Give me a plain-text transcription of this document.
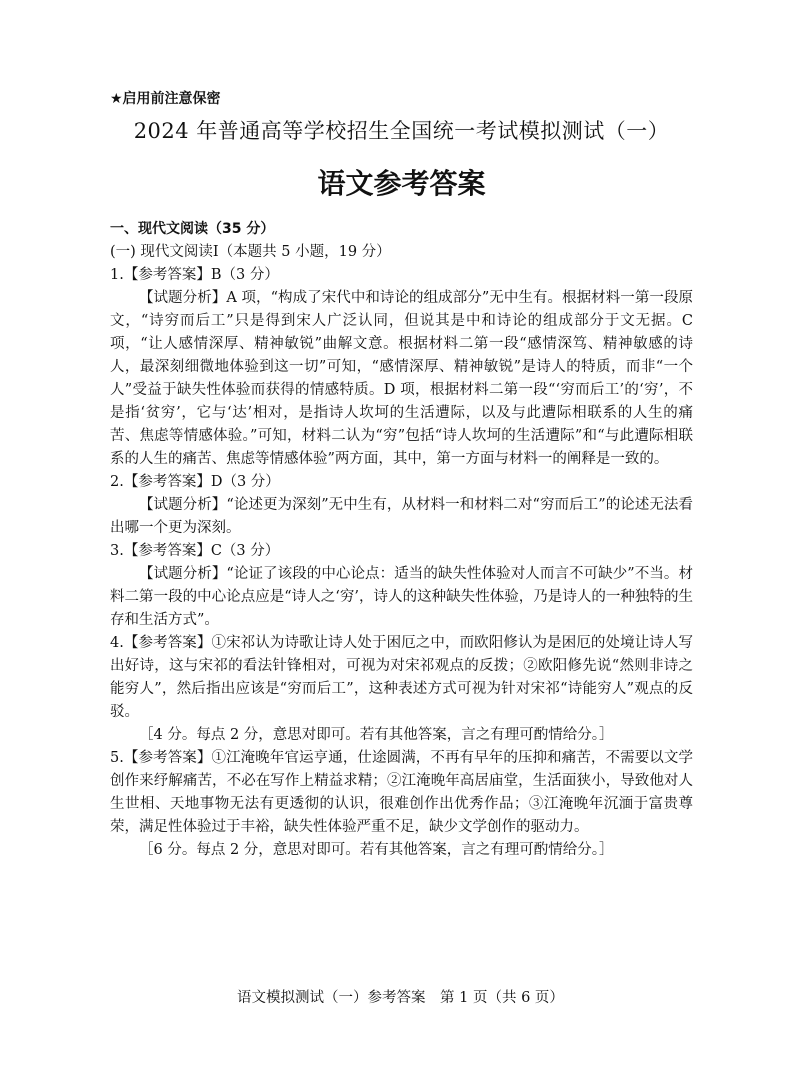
★启用前注意保密

2024 年普通高等学校招生全国统一考试模拟测试（一）

语文参考答案

一、现代文阅读（35 分）

(一) 现代文阅读Ⅰ（本题共 5 小题，19 分）

1.【参考答案】B（3 分）

【试题分析】A 项，“构成了宋代中和诗论的组成部分”无中生有。根据材料一第一段原文，“诗穷而后工”只是得到宋人广泛认同，但说其是中和诗论的组成部分于文无据。C 项，“让人感情深厚、精神敏锐”曲解文意。根据材料二第一段“感情深笃、精神敏感的诗人，最深刻细微地体验到这一切”可知，“感情深厚、精神敏锐”是诗人的特质，而非“一个人”受益于缺失性体验而获得的情感特质。D 项，根据材料二第一段“‘穷而后工’的‘穷’，不是指‘贫穷’，它与‘达’相对，是指诗人坎坷的生活遭际，以及与此遭际相联系的人生的痛苦、焦虑等情感体验。”可知，材料二认为“穷”包括“诗人坎坷的生活遭际”和“与此遭际相联系的人生的痛苦、焦虑等情感体验”两方面，其中，第一方面与材料一的阐释是一致的。

2.【参考答案】D（3 分）

【试题分析】“论述更为深刻”无中生有，从材料一和材料二对“穷而后工”的论述无法看出哪一个更为深刻。

3.【参考答案】C（3 分）

【试题分析】“论证了该段的中心论点：适当的缺失性体验对人而言不可缺少”不当。材料二第一段的中心论点应是“诗人之‘穷’，诗人的这种缺失性体验，乃是诗人的一种独特的生存和生活方式”。

4.【参考答案】①宋祁认为诗歌让诗人处于困厄之中，而欧阳修认为是困厄的处境让诗人写出好诗，这与宋祁的看法针锋相对，可视为对宋祁观点的反拨；②欧阳修先说“然则非诗之能穷人”，然后指出应该是“穷而后工”，这种表述方式可视为针对宋祁“诗能穷人”观点的反驳。

［4 分。每点 2 分，意思对即可。若有其他答案，言之有理可酌情给分。］

5.【参考答案】①江淹晚年官运亨通，仕途圆满，不再有早年的压抑和痛苦，不需要以文学创作来纾解痛苦，不必在写作上精益求精；②江淹晚年高居庙堂，生活面狭小，导致他对人生世相、天地事物无法有更透彻的认识，很难创作出优秀作品；③江淹晚年沉湎于富贵尊荣，满足性体验过于丰裕，缺失性体验严重不足，缺少文学创作的驱动力。

［6 分。每点 2 分，意思对即可。若有其他答案，言之有理可酌情给分。］

语文模拟测试（一）参考答案　第 1 页（共 6 页）
